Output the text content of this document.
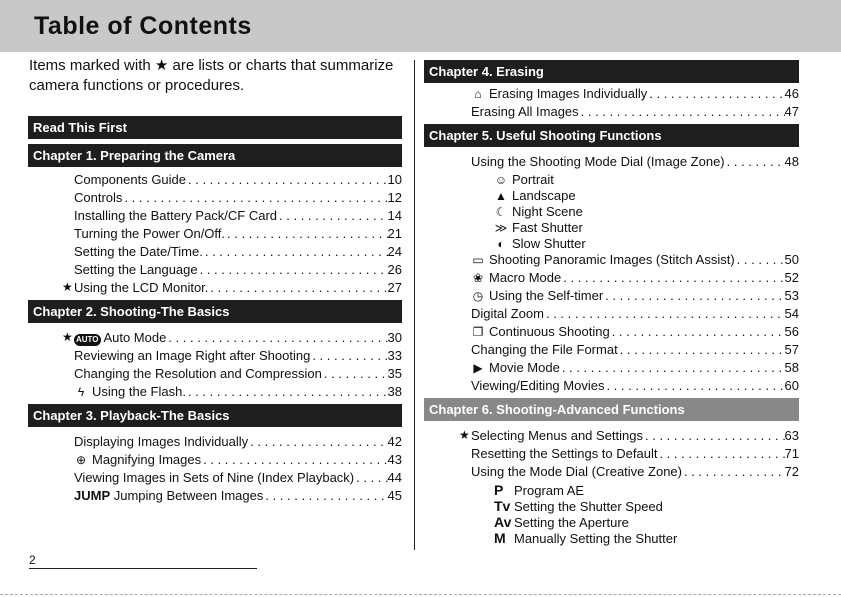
Table of Contents
Items marked with ★ are lists or charts that summarize camera functions or procedures.
Read This First
Chapter 1. Preparing the Camera
Components Guide . . .	10
Controls . . .	12
Installing the Battery Pack/CF Card . . .	14
Turning the Power On/Off. . . .	21
Setting the Date/Time. . . .	24
Setting the Language . . .	26
★ Using the LCD Monitor. . . .	27
Chapter 2. Shooting-The Basics
★ AUTO Auto Mode . . .	30
Reviewing an Image Right after Shooting . . .	33
Changing the Resolution and Compression . . .	35
ϟ Using the Flash. . . .	38
Chapter 3. Playback-The Basics
Displaying Images Individually . . .	42
⊕ Magnifying Images . . .	43
Viewing Images in Sets of Nine (Index Playback) . . .	44
JUMP Jumping Between Images . . .	45
2
Chapter 4. Erasing
⌂ Erasing Images Individually . . .	46
Erasing All Images . . .	47
Chapter 5. Useful Shooting Functions
Using the Shooting Mode Dial (Image Zone) . . .	48
☺ Portrait
▲ Landscape
☾ Night Scene
≫ Fast Shutter
◐ Slow Shutter
▭ Shooting Panoramic Images (Stitch Assist) . . .	50
❀ Macro Mode . . .	52
◷ Using the Self-timer . . .	53
Digital Zoom . . .	54
❐ Continuous Shooting . . .	56
Changing the File Format . . .	57
▶ Movie Mode . . .	58
Viewing/Editing Movies . . .	60
Chapter 6. Shooting-Advanced Functions
★ Selecting Menus and Settings . . .	63
Resetting the Settings to Default . . .	71
Using the Mode Dial (Creative Zone) . . .	72
P Program AE
Tv Setting the Shutter Speed
Av Setting the Aperture
M Manually Setting the Shutter
